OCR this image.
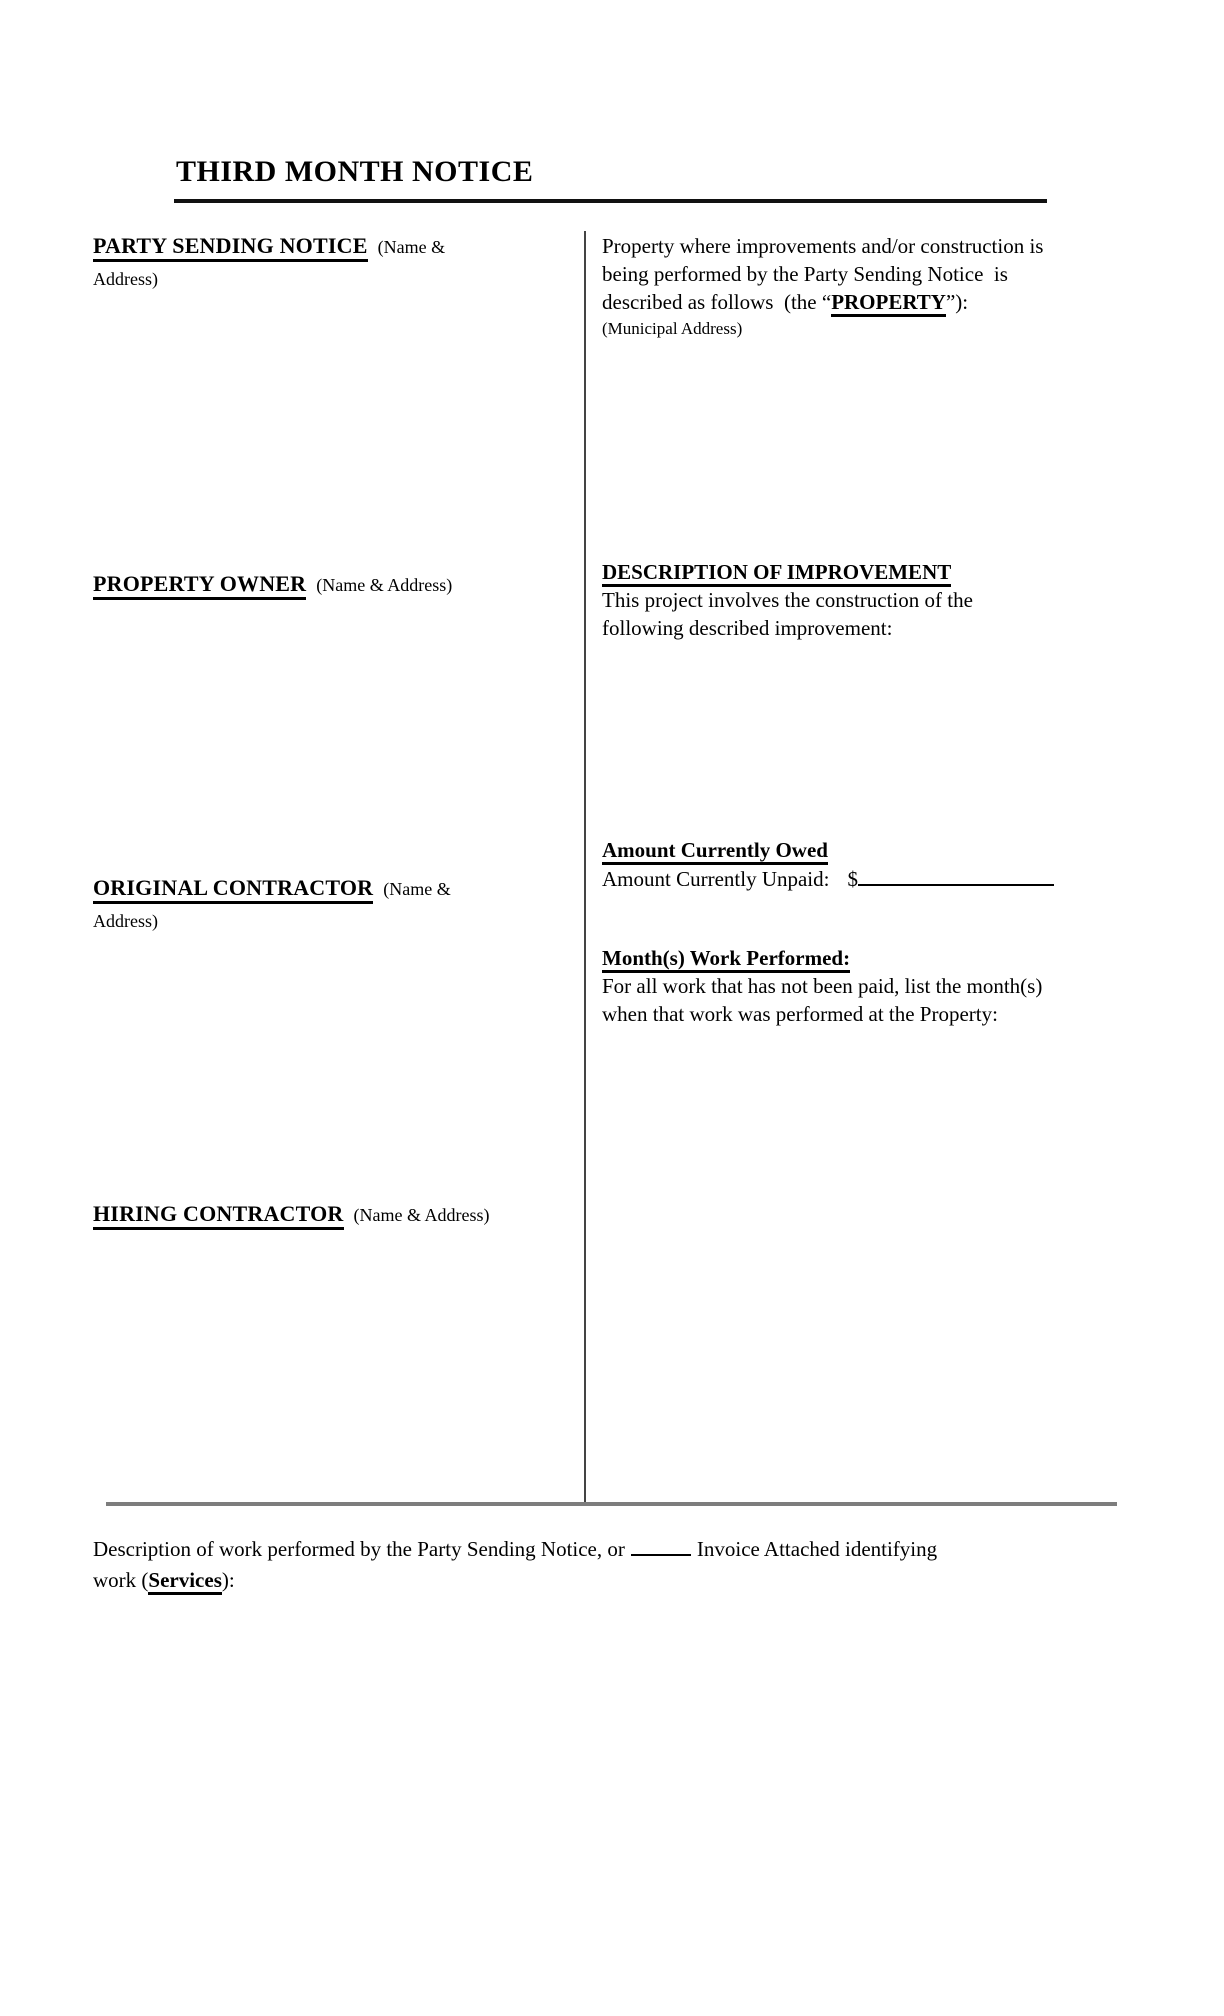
THIRD MONTH NOTICE
PARTY SENDING NOTICE (Name &
Address)
PROPERTY OWNER (Name & Address)
ORIGINAL CONTRACTOR (Name &
Address)
HIRING CONTRACTOR (Name & Address)
Property where improvements and/or construction is
being performed by the Party Sending Notice  is
described as follows  (the “PROPERTY”):
(Municipal Address)
DESCRIPTION OF IMPROVEMENT
This project involves the construction of the
following described improvement:
Amount Currently Owed
Amount Currently Unpaid: $
Month(s) Work Performed:
For all work that has not been paid, list the month(s)
when that work was performed at the Property:
Description of work performed by the Party Sending Notice, or	Invoice Attached identifying
work (Services):
